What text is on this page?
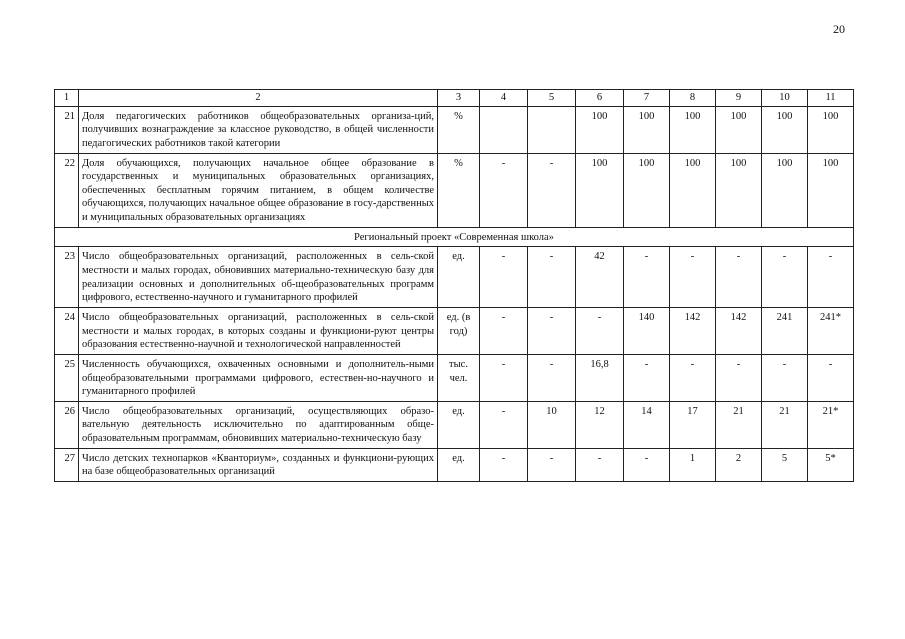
20
1	2	3	4	5	6	7	8	9	10	11
21	Доля педагогических работников общеобразовательных организа-ций, получивших вознаграждение за классное руководство, в общей численности педагогических работников такой категории	%			100	100	100	100	100	100
22	Доля обучающихся, получающих начальное общее образование в государственных и муниципальных образовательных организациях, обеспеченных бесплатным горячим питанием, в общем количестве обучающихся, получающих начальное общее образование в госу-дарственных и муниципальных образовательных организациях	%	-	-	100	100	100	100	100	100
Региональный проект «Современная школа»										
23	Число общеобразовательных организаций, расположенных в сель-ской местности и малых городах, обновивших материально-техническую базу для реализации основных и дополнительных об-щеобразовательных программ цифрового, естественно-научного и гуманитарного профилей	ед.	-	-	42	-	-	-	-	-
24	Число общеобразовательных организаций, расположенных в сель-ской местности и малых городах, в которых созданы и функциони-руют центры образования естественно-научной и технологической направленностей	ед. (в год)	-	-	-	140	142	142	241	241*
25	Численность обучающихся, охваченных основными и дополнитель-ными общеобразовательными программами цифрового, естествен-но-научного и гуманитарного профилей	тыс. чел.	-	-	16,8	-	-	-	-	-
26	Число общеобразовательных организаций, осуществляющих образо-вательную деятельность исключительно по адаптированным обще-образовательным программам, обновивших материально-техническую базу	ед.	-	10	12	14	17	21	21	21*
27	Число детских технопарков «Кванториум», созданных и функциони-рующих на базе общеобразовательных организаций	ед.	-	-	-	-	1	2	5	5*
